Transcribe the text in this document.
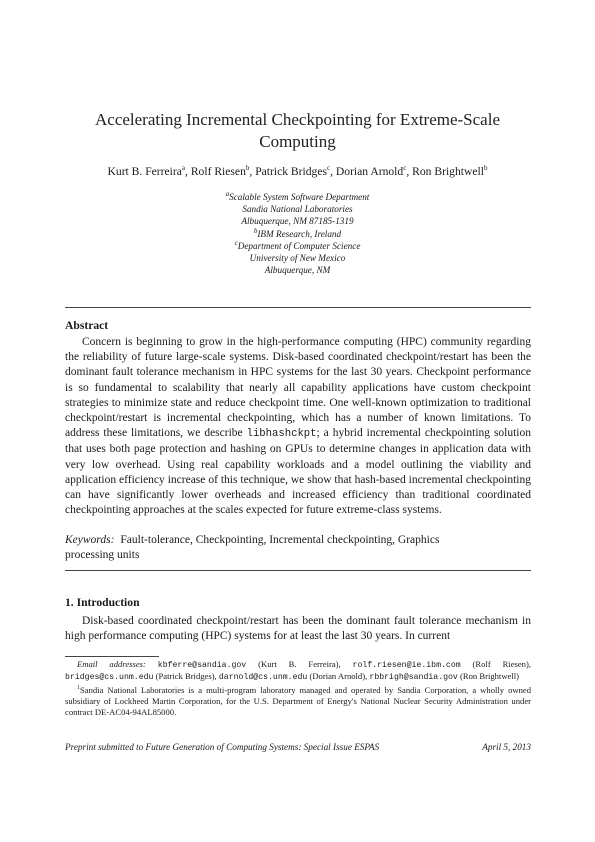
Accelerating Incremental Checkpointing for Extreme-Scale
Computing
Kurt B. Ferreira$^a$, Rolf Riesen$^b$, Patrick Bridges$^c$, Dorian Arnold$^c$, Ron Brightwell$^b$
$^a$Scalable System Software Department
Sandia National Laboratories
Albuquerque, NM 87185-1319
$^b$IBM Research, Ireland
$^c$Department of Computer Science
University of New Mexico
Albuquerque, NM
Abstract

Concern is beginning to grow in the high-performance computing (HPC) community regarding the reliability of future large-scale systems. Disk-based coordinated checkpoint/restart has been the dominant fault tolerance mechanism in HPC systems for the last 30 years. Checkpoint performance is so fundamental to scalability that nearly all capability applications have custom checkpoint strategies to minimize state and reduce checkpoint time. One well-known optimization to traditional checkpoint/restart is incremental checkpointing, which has a number of known limitations. To address these limitations, we describe libhashckpt; a hybrid incremental checkpointing solution that uses both page protection and hashing on GPUs to determine changes in application data with very low overhead. Using real capability workloads and a model outlining the viability and application efficiency increase of this technique, we show that hash-based incremental checkpointing can have significantly lower overheads and increased efficiency than traditional coordinated checkpointing approaches at the scales expected for future extreme-class systems.

Keywords: Fault-tolerance, Checkpointing, Incremental checkpointing, Graphics processing units
1. Introduction

Disk-based coordinated checkpoint/restart has been the dominant fault tolerance mechanism in high performance computing (HPC) systems for at least the last 30 years. In current

Email addresses: kbferre@sandia.gov (Kurt B. Ferreira), rolf.riesen@ie.ibm.com (Rolf Riesen), bridges@cs.unm.edu (Patrick Bridges), darnold@cs.unm.edu (Dorian Arnold), rbbrigh@sandia.gov (Ron Brightwell)

$^1$Sandia National Laboratories is a multi-program laboratory managed and operated by Sandia Corporation, a wholly owned subsidiary of Lockheed Martin Corporation, for the U.S. Department of Energy's National Nuclear Security Administration under contract DE-AC04-94AL85000.

Preprint submitted to Future Generation of Computing Systems: Special Issue ESPAS	April 5, 2013
